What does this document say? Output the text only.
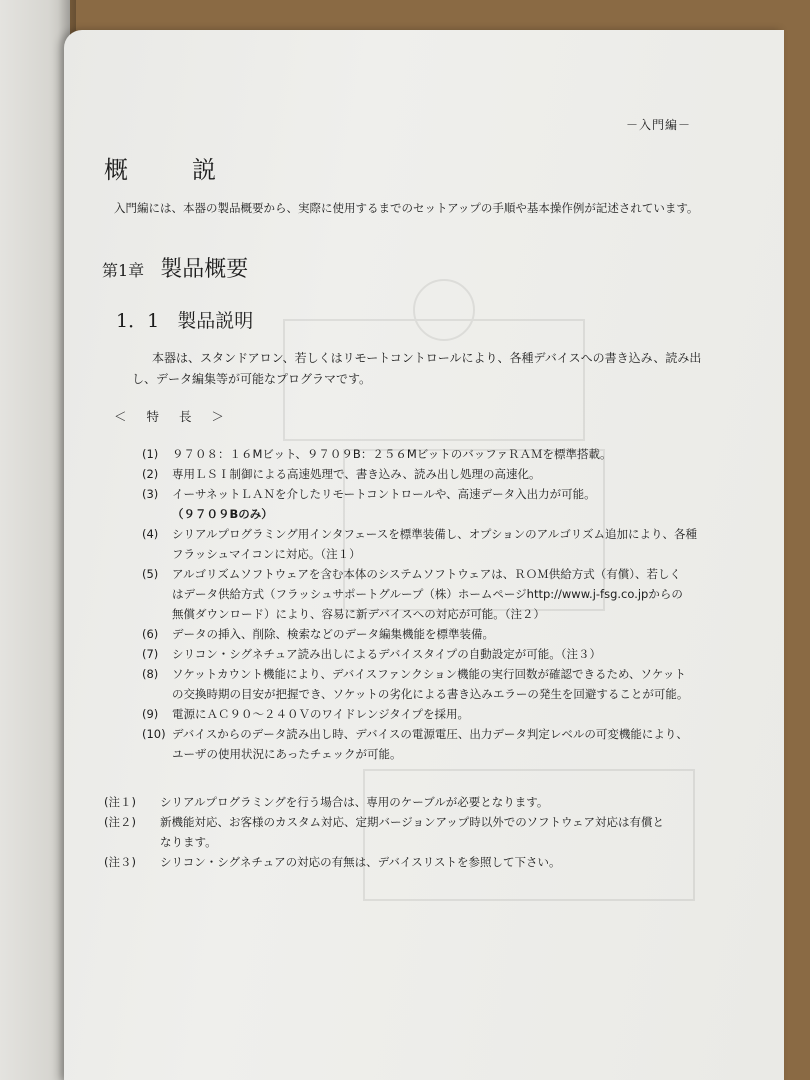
－入門編－
概　説
入門編には、本器の製品概要から、実際に使用するまでのセットアップの手順や基本操作例が記述されています。
第1章 製品概要
1．1 製品説明
本器は、スタンドアロン、若しくはリモートコントロールにより、各種デバイスへの書き込み、読み出
し、データ編集等が可能なプログラマです。
＜ 特 長 ＞
(1)	９７０８：１６Mビット、９７０９B：２５６MビットのバッファＲＡＭを標準搭載。
(2)	専用ＬＳＩ制御による高速処理で、書き込み、読み出し処理の高速化。
(3)	イーサネットＬＡＮを介したリモートコントロールや、高速データ入出力が可能。
（９７０９Bのみ）
(4)	シリアルプログラミング用インタフェースを標準装備し、オプションのアルゴリズム追加により、各種
フラッシュマイコンに対応。（注１）
(5)	アルゴリズムソフトウェアを含む本体のシステムソフトウェアは、ＲＯＭ供給方式（有償）、若しく
はデータ供給方式（フラッシュサポートグループ（株）ホームページhttp://www.j-fsg.co.jpからの
無償ダウンロード）により、容易に新デバイスへの対応が可能。（注２）
(6)	データの挿入、削除、検索などのデータ編集機能を標準装備。
(7)	シリコン・シグネチュア読み出しによるデバイスタイプの自動設定が可能。（注３）
(8)	ソケットカウント機能により、デバイスファンクション機能の実行回数が確認できるため、ソケット
の交換時期の目安が把握でき、ソケットの劣化による書き込みエラーの発生を回避することが可能。
(9)	電源にＡＣ９０～２４０Ｖのワイドレンジタイプを採用。
(10) デバイスからのデータ読み出し時、デバイスの電源電圧、出力データ判定レベルの可変機能により、
ユーザの使用状況にあったチェックが可能。
(注１)	シリアルプログラミングを行う場合は、専用のケーブルが必要となります。
(注２)	新機能対応、お客様のカスタム対応、定期バージョンアップ時以外でのソフトウェア対応は有償と
なります。
(注３)	シリコン・シグネチュアの対応の有無は、デバイスリストを参照して下さい。
